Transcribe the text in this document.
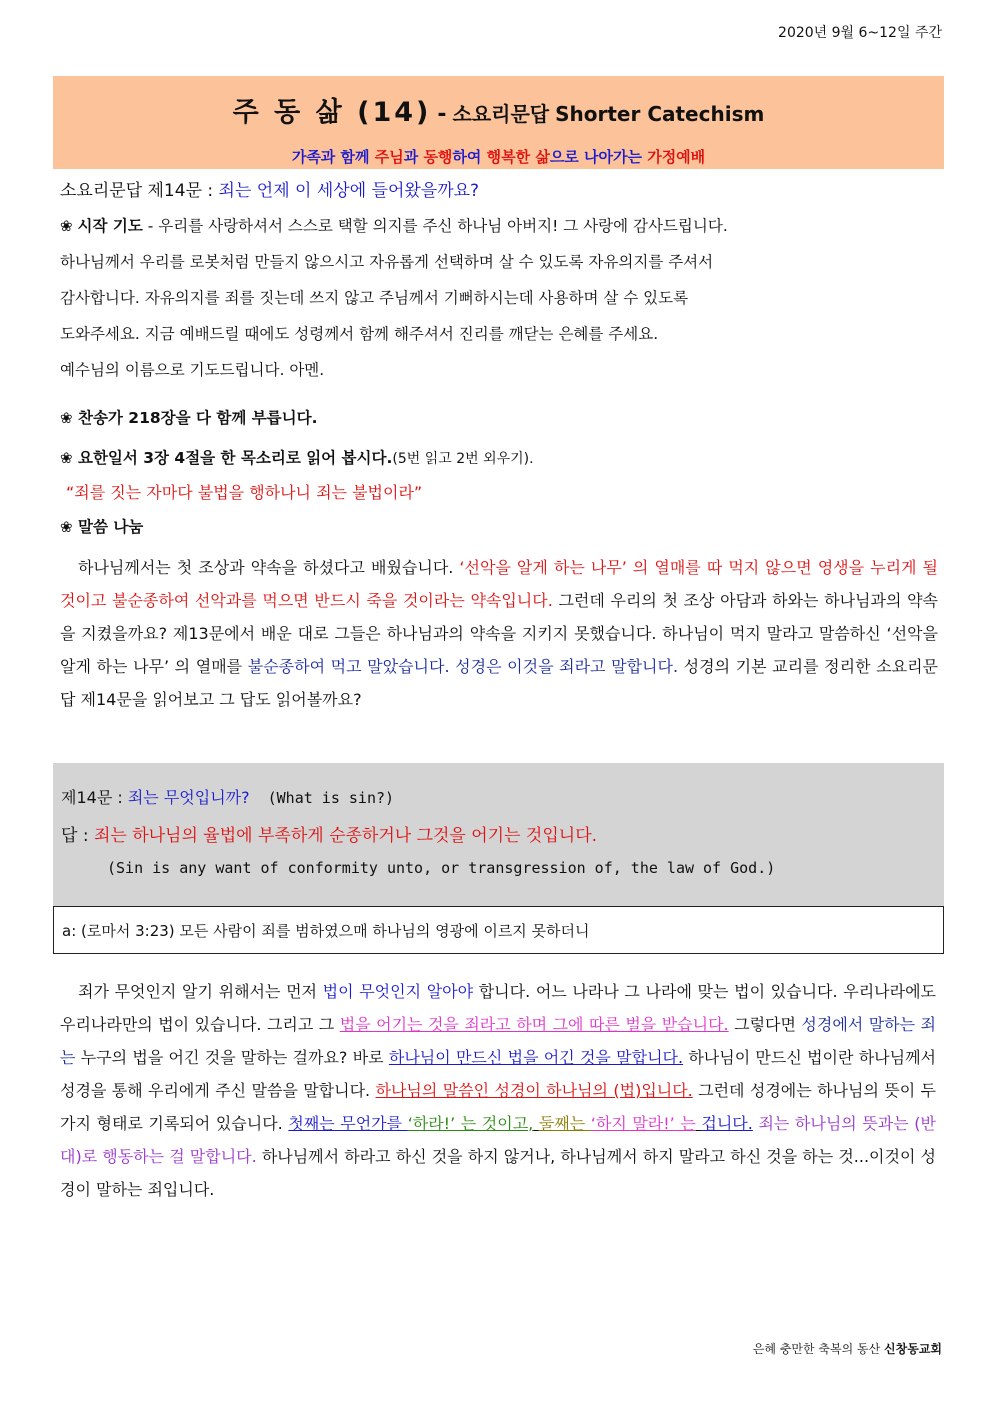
2020년 9월 6~12일 주간
주 동 삶 (14) - 소요리문답 Shorter Catechism
가족과 함께 주님과 동행하여 행복한 삶으로 나아가는 가정예배

소요리문답 제14문 : 죄는 언제 이 세상에 들어왔을까요?

❀ 시작 기도 - 우리를 사랑하셔서 스스로 택할 의지를 주신 하나님 아버지! 그 사랑에 감사드립니다.

하나님께서 우리를 로봇처럼 만들지 않으시고 자유롭게 선택하며 살 수 있도록 자유의지를 주셔서

감사합니다. 자유의지를 죄를 짓는데 쓰지 않고 주님께서 기뻐하시는데 사용하며 살 수 있도록

도와주세요. 지금 예배드릴 때에도 성령께서 함께 해주셔서 진리를 깨닫는 은혜를 주세요.

예수님의 이름으로 기도드립니다. 아멘.

❀ 찬송가 218장을 다 함께 부릅니다.
❀ 요한일서 3장 4절을 한 목소리로 읽어 봅시다.(5번 읽고 2번 외우기).
“죄를 짓는 자마다 불법을 행하나니 죄는 불법이라”
❀ 말씀 나눔

하나님께서는 첫 조상과 약속을 하셨다고 배웠습니다. ‘선악을 알게 하는 나무’ 의 열매를 따 먹지 않으면 영생을 누리게 될 것이고 불순종하여 선악과를 먹으면 반드시 죽을 것이라는 약속입니다. 그런데 우리의 첫 조상 아담과 하와는 하나님과의 약속을 지켰을까요? 제13문에서 배운 대로 그들은 하나님과의 약속을 지키지 못했습니다. 하나님이 먹지 말라고 말씀하신 ‘선악을 알게 하는 나무’ 의 열매를 불순종하여 먹고 말았습니다. 성경은 이것을 죄라고 말합니다. 성경의 기본 교리를 정리한 소요리문답 제14문을 읽어보고 그 답도 읽어볼까요?

제14문 : 죄는 무엇입니까? (What is sin?)
답 : 죄는 하나님의 율법에 부족하게 순종하거나 그것을 어기는 것입니다.
(Sin is any want of conformity unto, or transgression of, the law of God.)
a: (로마서 3:23) 모든 사람이 죄를 범하였으매 하나님의 영광에 이르지 못하더니

죄가 무엇인지 알기 위해서는 먼저 법이 무엇인지 알아야 합니다. 어느 나라나 그 나라에 맞는 법이 있습니다. 우리나라에도 우리나라만의 법이 있습니다. 그리고 그 법을 어기는 것을 죄라고 하며 그에 따른 벌을 받습니다. 그렇다면 성경에서 말하는 죄는 누구의 법을 어긴 것을 말하는 걸까요? 바로 하나님이 만드신 법을 어긴 것을 말합니다. 하나님이 만드신 법이란 하나님께서 성경을 통해 우리에게 주신 말씀을 말합니다. 하나님의 말씀인 성경이 하나님의 (법)입니다. 그런데 성경에는 하나님의 뜻이 두 가지 형태로 기록되어 있습니다. 첫째는 무언가를 ‘하라!’ 는 것이고, 둘째는 ‘하지 말라!’ 는 겁니다. 죄는 하나님의 뜻과는 (반대)로 행동하는 걸 말합니다. 하나님께서 하라고 하신 것을 하지 않거나, 하나님께서 하지 말라고 하신 것을 하는 것...이것이 성경이 말하는 죄입니다.

은혜 충만한 축복의 동산 신창동교회
